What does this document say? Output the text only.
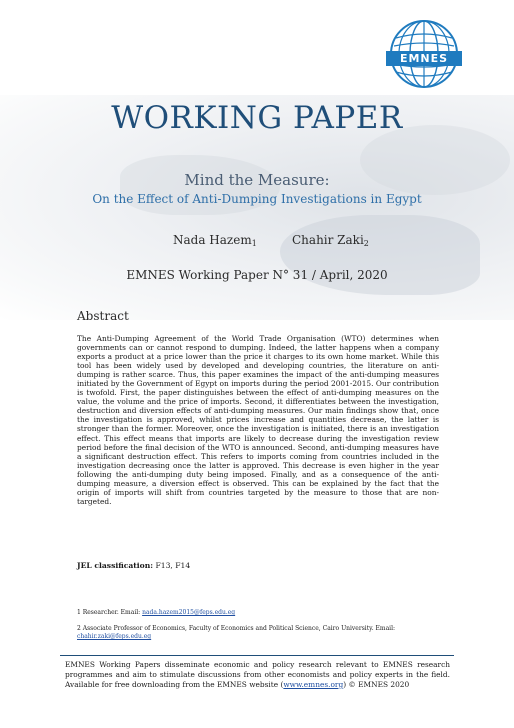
EMNES
WORKING PAPER
Mind the Measure:
On the Effect of Anti-Dumping Investigations in Egypt
Nada Hazem$_1$	Chahir Zaki$_2$
EMNES Working Paper N° 31 / April, 2020
Abstract
The Anti-Dumping Agreement of the World Trade Organisation (WTO) determines when governments can or cannot respond to dumping. Indeed, the latter happens when a company exports a product at a price lower than the price it charges to its own home market. While this tool has been widely used by developed and developing countries, the literature on anti-dumping is rather scarce. Thus, this paper examines the impact of the anti-dumping measures initiated by the Government of Egypt on imports during the period 2001-2015. Our contribution is twofold. First, the paper distinguishes between the effect of anti-dumping measures on the value, the volume and the price of imports. Second, it differentiates between the investigation, destruction and diversion effects of anti-dumping measures. Our main findings show that, once the investigation is approved, whilst prices increase and quantities decrease, the latter is stronger than the former. Moreover, once the investigation is initiated, there is an investigation effect. This effect means that imports are likely to decrease during the investigation review period before the final decision of the WTO is announced. Second, anti-dumping measures have a significant destruction effect. This refers to imports coming from countries included in the investigation decreasing once the latter is approved. This decrease is even higher in the year following the anti-dumping duty being imposed. Finally, and as a consequence of the anti-dumping measure, a diversion effect is observed. This can be explained by the fact that the origin of imports will shift from countries targeted by the measure to those that are non-targeted.
JEL classification: F13, F14
1 Researcher. Email: nada.hazem2015@feps.edu.eg
2 Associate Professor of Economics, Faculty of Economics and Political Science, Cairo University. Email: chahir.zaki@feps.edu.eg
EMNES Working Papers disseminate economic and policy research relevant to EMNES research programmes and aim to stimulate discussions from other economists and policy experts in the field. Available for free downloading from the EMNES website (www.emnes.org) © EMNES 2020
